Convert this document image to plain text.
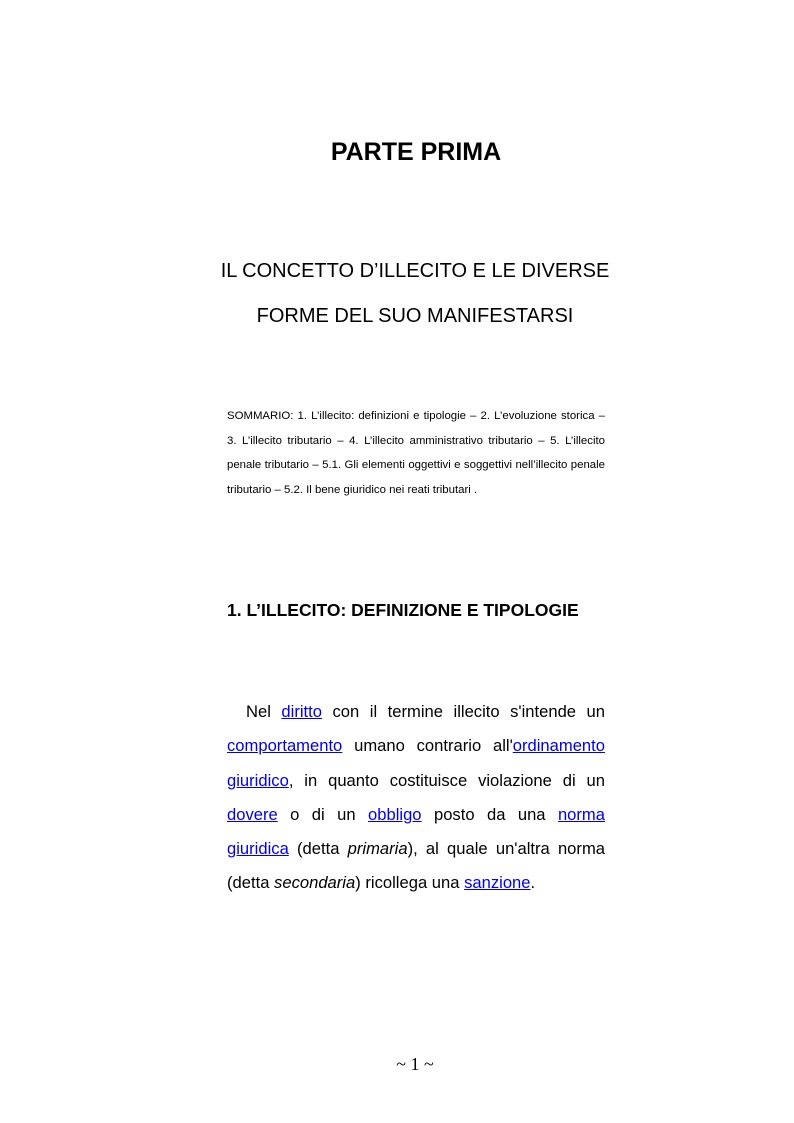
PARTE PRIMA
IL CONCETTO D’ILLECITO E LE DIVERSE
FORME DEL SUO MANIFESTARSI
SOMMARIO: 1. L’illecito: definizioni e tipologie – 2. L’evoluzione storica – 3. L’illecito tributario – 4. L’illecito amministrativo tributario – 5. L’illecito penale tributario – 5.1. Gli elementi oggettivi e soggettivi nell’illecito penale tributario – 5.2. Il bene giuridico nei reati tributari .
1. L’ILLECITO: DEFINIZIONE E TIPOLOGIE

Nel diritto con il termine illecito s'intende un comportamento umano contrario all'ordinamento giuridico, in quanto costituisce violazione di un dovere o di un obbligo posto da una norma giuridica (detta primaria), al quale un'altra norma (detta secondaria) ricollega una sanzione.

~ 1 ~
